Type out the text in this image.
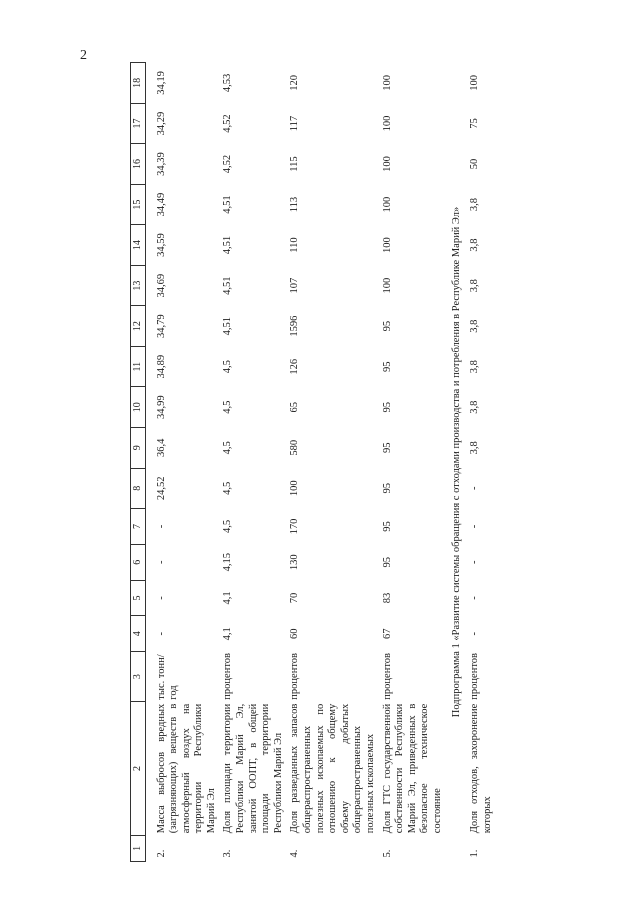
2
1	2	3	4	5	6	7	8	9	10	11	12	13	14	15	16	17	18

2.	Масса выбросов вредных (загрязняющих) веществ в атмосферный воздух на территории Республики Марий Эл	тыс. тонн/ год	-	-	-	-	24,52	36,4	34,99	34,89	34,79	34,69	34,59	34,49	34,39	34,29	34,19
3.	Доля площади территории Республики Марий Эл, занятой ООПТ, в общей площади территории Республики Марий Эл	процентов	4,1	4,1	4,15	4,5	4,5	4,5	4,5	4,5	4,51	4,51	4,51	4,51	4,52	4,52	4,53
4.	Доля разведанных запасов общераспространенных полезных ископаемых по отношению к общему объему добытых общераспространенных полезных ископаемых	процентов	60	70	130	170	100	580	65	126	1596	107	110	113	115	117	120
5.	Доля ГТС государственной собственности Республики Марий Эл, приведенных в безопасное техническое состояние	процентов	67	83	95	95	95	95	95	95	95	100	100	100	100	100	100
Подпрограмма 1 «Развитие системы обращения с отходами производства и потребления в Республике Марий Эл»																	
1.	Доля отходов, захоронение которых	процентов	-	-	-	-	-	3,8	3,8	3,8	3,8	3,8	3,8	3,8	50	75	100
